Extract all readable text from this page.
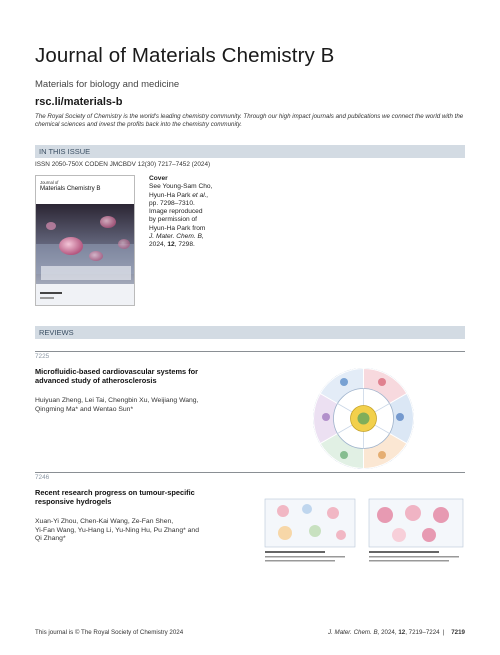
Journal of Materials Chemistry B
Materials for biology and medicine
rsc.li/materials-b
The Royal Society of Chemistry is the world's leading chemistry community. Through our high impact journals and publications we connect the world with the chemical sciences and invest the profits back into the chemistry community.
IN THIS ISSUE
ISSN 2050-750X CODEN JMCBDV 12(30) 7217–7452 (2024)
Journal of
Materials Chemistry B
Cover
See Young-Sam Cho,
Hyun-Ha Park et al.,
pp. 7298–7310.
Image reproduced
by permission of
Hyun-Ha Park from
J. Mater. Chem. B,
2024, 12, 7298.
REVIEWS
7225
Microfluidic-based cardiovascular systems for
advanced study of atherosclerosis
Huiyuan Zheng, Lei Tai, Chengbin Xu, Weijiang Wang,
Qingming Ma* and Wentao Sun*
7246
Recent research progress on tumour-specific
responsive hydrogels
Xuan-Yi Zhou, Chen-Kai Wang, Ze-Fan Shen,
Yi-Fan Wang, Yu-Hang Li, Yu-Ning Hu, Pu Zhang* and
Qi Zhang*
This journal is © The Royal Society of Chemistry 2024	J. Mater. Chem. B, 2024, 12, 7219–7224 | 7219
